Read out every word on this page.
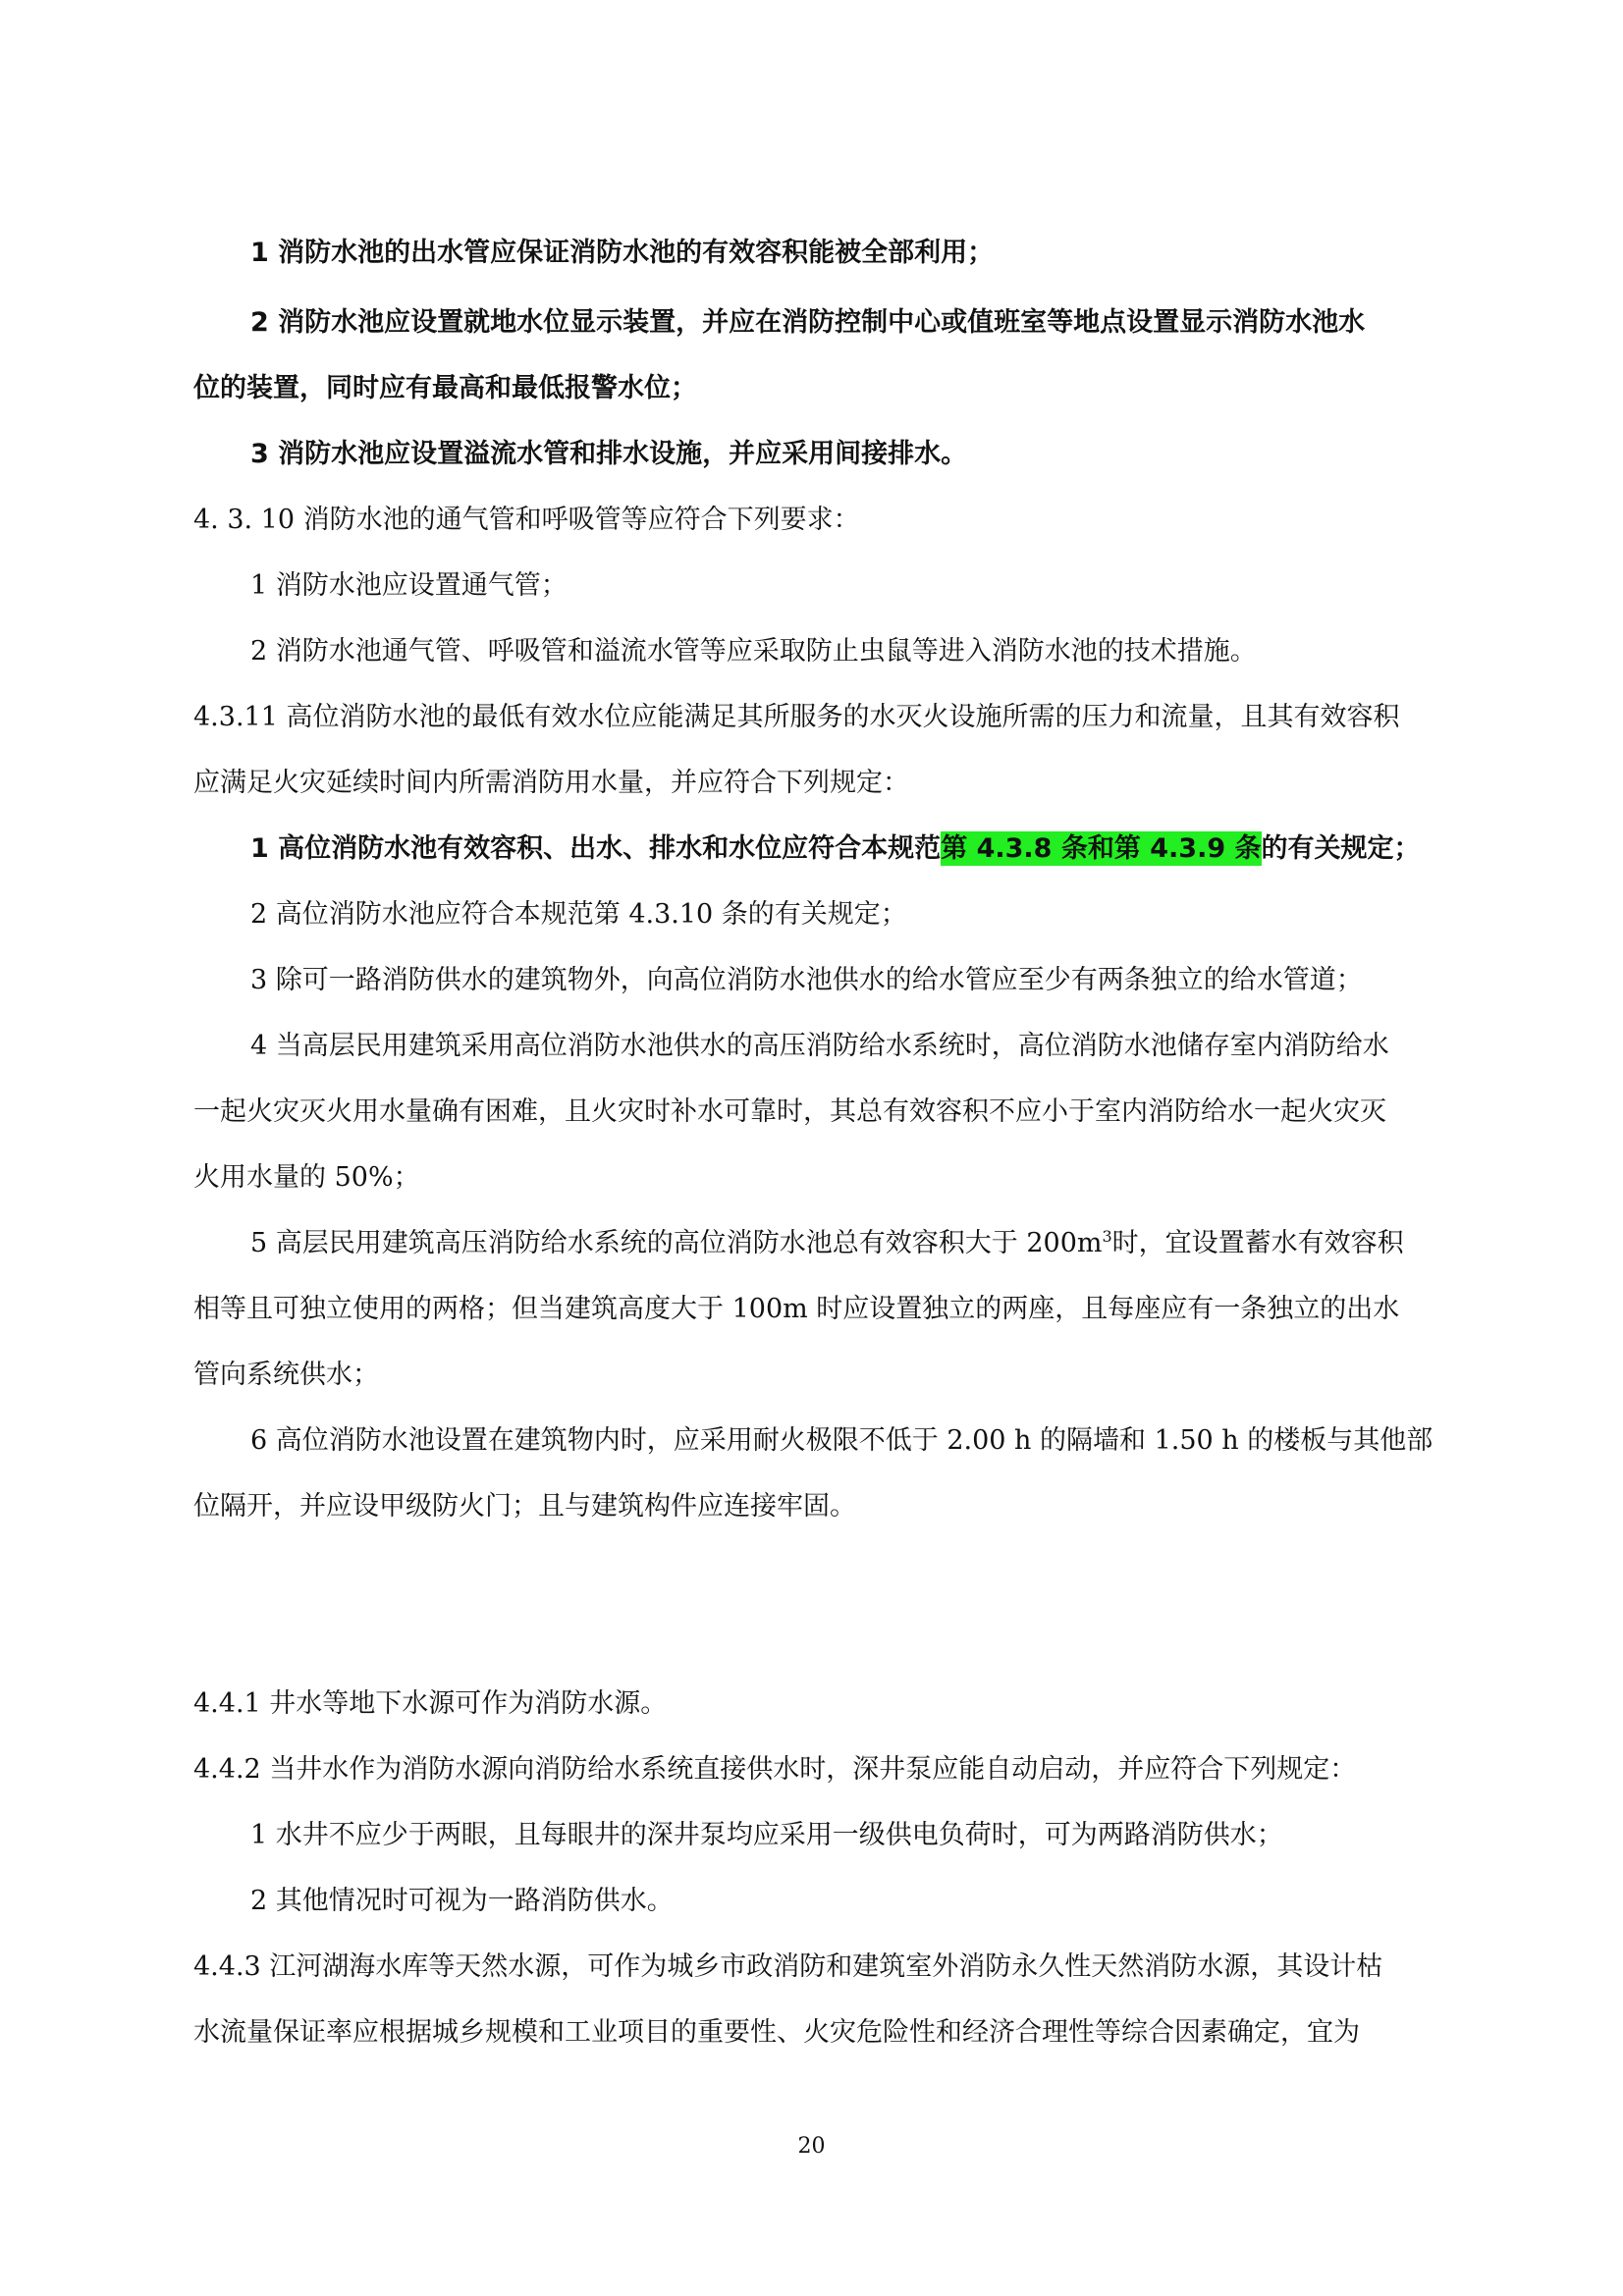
1 消防水池的出水管应保证消防水池的有效容积能被全部利用；
2 消防水池应设置就地水位显示装置，并应在消防控制中心或值班室等地点设置显示消防水池水
位的装置，同时应有最高和最低报警水位；
3 消防水池应设置溢流水管和排水设施，并应采用间接排水。
4. 3. 10 消防水池的通气管和呼吸管等应符合下列要求：
1 消防水池应设置通气管；
2 消防水池通气管、呼吸管和溢流水管等应采取防止虫鼠等进入消防水池的技术措施。
4.3.11 高位消防水池的最低有效水位应能满足其所服务的水灭火设施所需的压力和流量，且其有效容积
应满足火灾延续时间内所需消防用水量，并应符合下列规定：
1 高位消防水池有效容积、出水、排水和水位应符合本规范第 4.3.8 条和第 4.3.9 条的有关规定；
2 高位消防水池应符合本规范第 4.3.10 条的有关规定；
3 除可一路消防供水的建筑物外，向高位消防水池供水的给水管应至少有两条独立的给水管道；
4 当高层民用建筑采用高位消防水池供水的高压消防给水系统时，高位消防水池储存室内消防给水
一起火灾灭火用水量确有困难，且火灾时补水可靠时，其总有效容积不应小于室内消防给水一起火灾灭
火用水量的 50%；
5 高层民用建筑高压消防给水系统的高位消防水池总有效容积大于 $200m^3$时，宜设置蓄水有效容积
相等且可独立使用的两格；但当建筑高度大于 100m 时应设置独立的两座，且每座应有一条独立的出水
管向系统供水；
6 高位消防水池设置在建筑物内时，应采用耐火极限不低于 2.00 h 的隔墙和 1.50 h 的楼板与其他部
位隔开，并应设甲级防火门；且与建筑构件应连接牢固。
4.4.1 井水等地下水源可作为消防水源。
4.4.2 当井水作为消防水源向消防给水系统直接供水时，深井泵应能自动启动，并应符合下列规定：
1 水井不应少于两眼，且每眼井的深井泵均应采用一级供电负荷时，可为两路消防供水；
2 其他情况时可视为一路消防供水。
4.4.3 江河湖海水库等天然水源，可作为城乡市政消防和建筑室外消防永久性天然消防水源，其设计枯
水流量保证率应根据城乡规模和工业项目的重要性、火灾危险性和经济合理性等综合因素确定，宜为
20
